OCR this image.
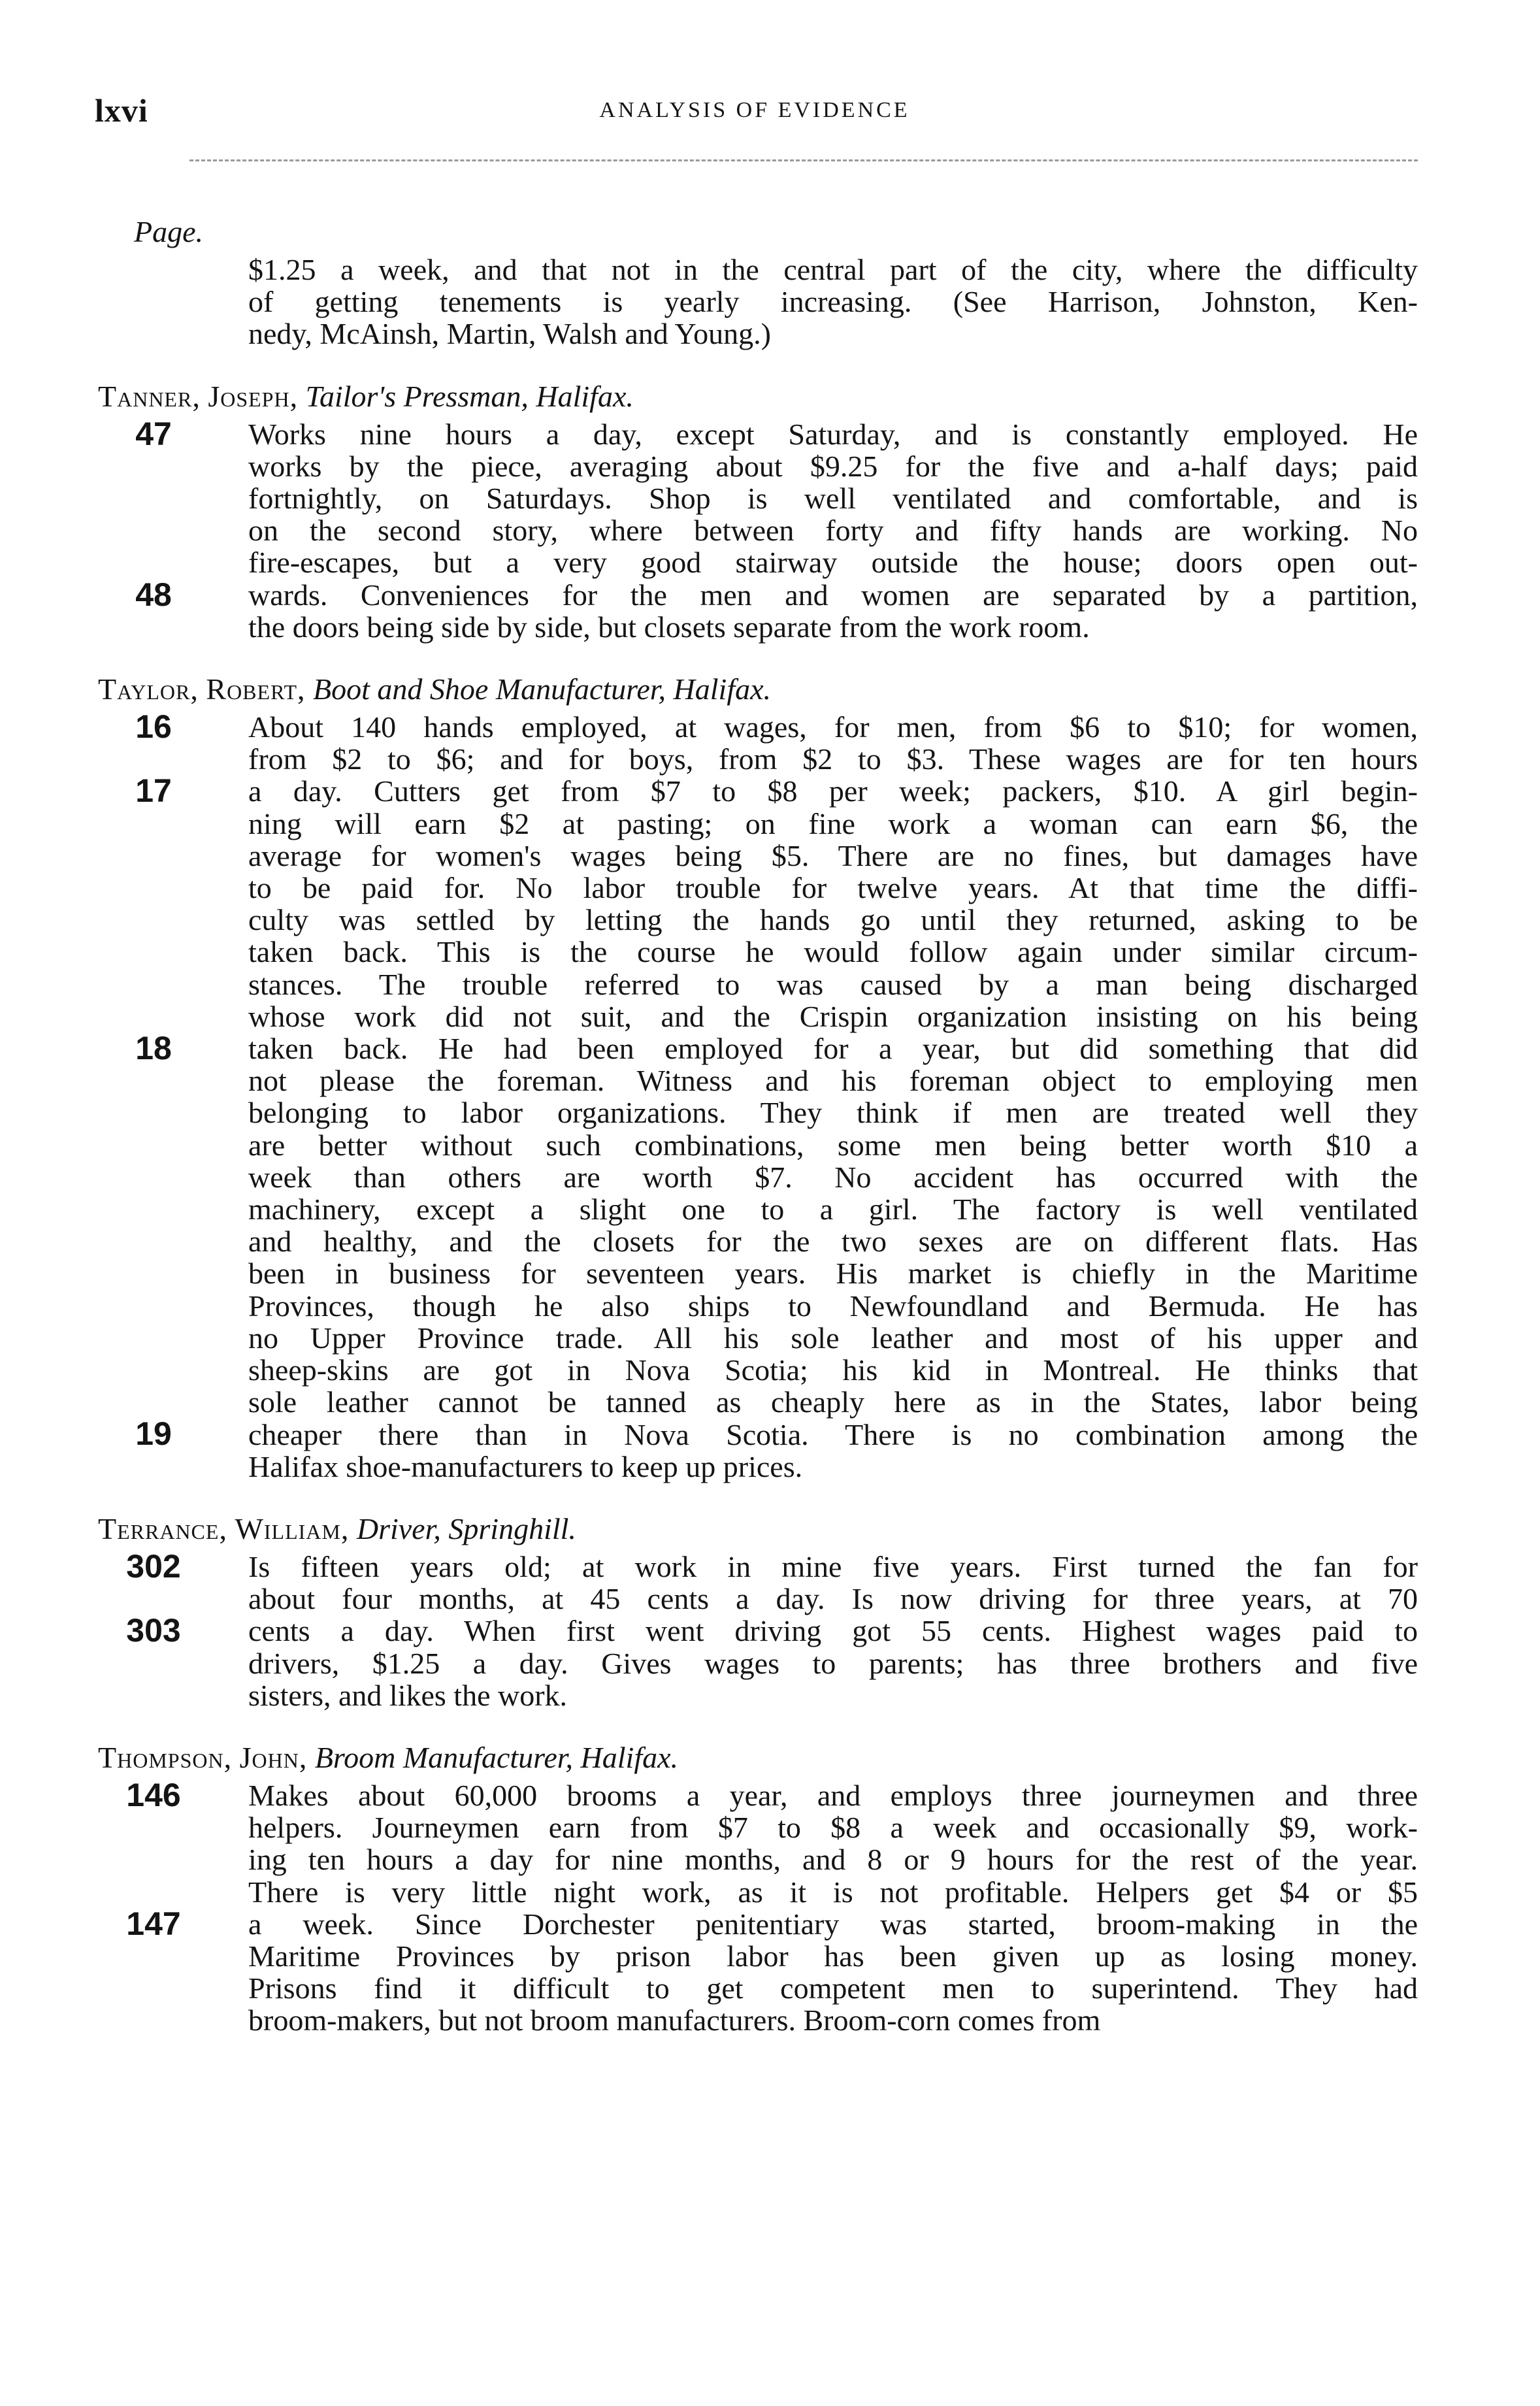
lxvi	ANALYSIS OF EVIDENCE
Page.
$1.25 a week, and that not in the central part of the city, where the difficulty
of getting tenements is yearly increasing. (See Harrison, Johnston, Ken-
nedy, McAinsh, Martin, Walsh and Young.)
Tanner, Joseph, Tailor's Pressman, Halifax.
Works nine hours a day, except Saturday, and is constantly employed. He
works by the piece, averaging about $9.25 for the five and a-half days; paid
fortnightly, on Saturdays. Shop is well ventilated and comfortable, and is
on the second story, where between forty and fifty hands are working. No
fire-escapes, but a very good stairway outside the house; doors open out-
wards. Conveniences for the men and women are separated by a partition,
the doors being side by side, but closets separate from the work room.
47
48
Taylor, Robert, Boot and Shoe Manufacturer, Halifax.
About 140 hands employed, at wages, for men, from $6 to $10; for women,
from $2 to $6; and for boys, from $2 to $3. These wages are for ten hours
a day. Cutters get from $7 to $8 per week; packers, $10. A girl begin-
ning will earn $2 at pasting; on fine work a woman can earn $6, the
average for women's wages being $5. There are no fines, but damages have
to be paid for. No labor trouble for twelve years. At that time the diffi-
culty was settled by letting the hands go until they returned, asking to be
taken back. This is the course he would follow again under similar circum-
stances. The trouble referred to was caused by a man being discharged
whose work did not suit, and the Crispin organization insisting on his being
taken back. He had been employed for a year, but did something that did
not please the foreman. Witness and his foreman object to employing men
belonging to labor organizations. They think if men are treated well they
are better without such combinations, some men being better worth $10 a
week than others are worth $7. No accident has occurred with the
machinery, except a slight one to a girl. The factory is well ventilated
and healthy, and the closets for the two sexes are on different flats. Has
been in business for seventeen years. His market is chiefly in the Maritime
Provinces, though he also ships to Newfoundland and Bermuda. He has
no Upper Province trade. All his sole leather and most of his upper and
sheep-skins are got in Nova Scotia; his kid in Montreal. He thinks that
sole leather cannot be tanned as cheaply here as in the States, labor being
cheaper there than in Nova Scotia. There is no combination among the
Halifax shoe-manufacturers to keep up prices.
16
17
18
19
Terrance, William, Driver, Springhill.
Is fifteen years old; at work in mine five years. First turned the fan for
about four months, at 45 cents a day. Is now driving for three years, at 70
cents a day. When first went driving got 55 cents. Highest wages paid to
drivers, $1.25 a day. Gives wages to parents; has three brothers and five
sisters, and likes the work.
302
303
Thompson, John, Broom Manufacturer, Halifax.
Makes about 60,000 brooms a year, and employs three journeymen and three
helpers. Journeymen earn from $7 to $8 a week and occasionally $9, work-
ing ten hours a day for nine months, and 8 or 9 hours for the rest of the year.
There is very little night work, as it is not profitable. Helpers get $4 or $5
a week. Since Dorchester penitentiary was started, broom-making in the
Maritime Provinces by prison labor has been given up as losing money.
Prisons find it difficult to get competent men to superintend. They had
broom-makers, but not broom manufacturers. Broom-corn comes from
146
147
